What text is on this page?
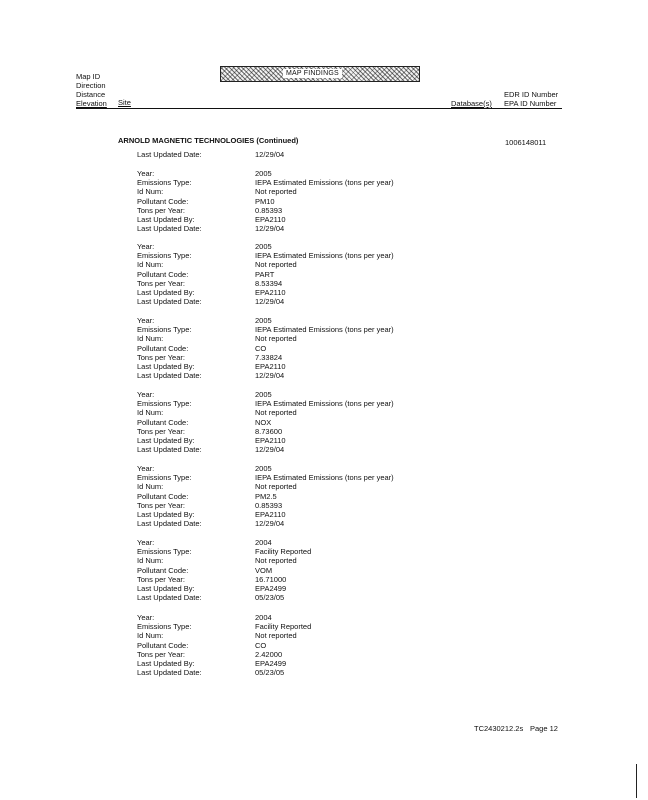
Map ID
Direction
Distance
Elevation Site
MAP FINDINGS
Database(s)
EDR ID Number
EPA ID Number
ARNOLD MAGNETIC TECHNOLOGIES (Continued)	1006148011
Last Updated Date:	12/29/04
Year:	2005
Emissions Type:	IEPA Estimated Emissions (tons per year)
Id Num:	Not reported
Pollutant Code:	PM10
Tons per Year:	0.85393
Last Updated By:	EPA2110
Last Updated Date:	12/29/04
Year:	2005
Emissions Type:	IEPA Estimated Emissions (tons per year)
Id Num:	Not reported
Pollutant Code:	PART
Tons per Year:	8.53394
Last Updated By:	EPA2110
Last Updated Date:	12/29/04
Year:	2005
Emissions Type:	IEPA Estimated Emissions (tons per year)
Id Num:	Not reported
Pollutant Code:	CO
Tons per Year:	7.33824
Last Updated By:	EPA2110
Last Updated Date:	12/29/04
Year:	2005
Emissions Type:	IEPA Estimated Emissions (tons per year)
Id Num:	Not reported
Pollutant Code:	NOX
Tons per Year:	8.73600
Last Updated By:	EPA2110
Last Updated Date:	12/29/04
Year:	2005
Emissions Type:	IEPA Estimated Emissions (tons per year)
Id Num:	Not reported
Pollutant Code:	PM2.5
Tons per Year:	0.85393
Last Updated By:	EPA2110
Last Updated Date:	12/29/04
Year:	2004
Emissions Type:	Facility Reported
Id Num:	Not reported
Pollutant Code:	VOM
Tons per Year:	16.71000
Last Updated By:	EPA2499
Last Updated Date:	05/23/05
Year:	2004
Emissions Type:	Facility Reported
Id Num:	Not reported
Pollutant Code:	CO
Tons per Year:	2.42000
Last Updated By:	EPA2499
Last Updated Date:	05/23/05
TC2430212.2s Page 12
